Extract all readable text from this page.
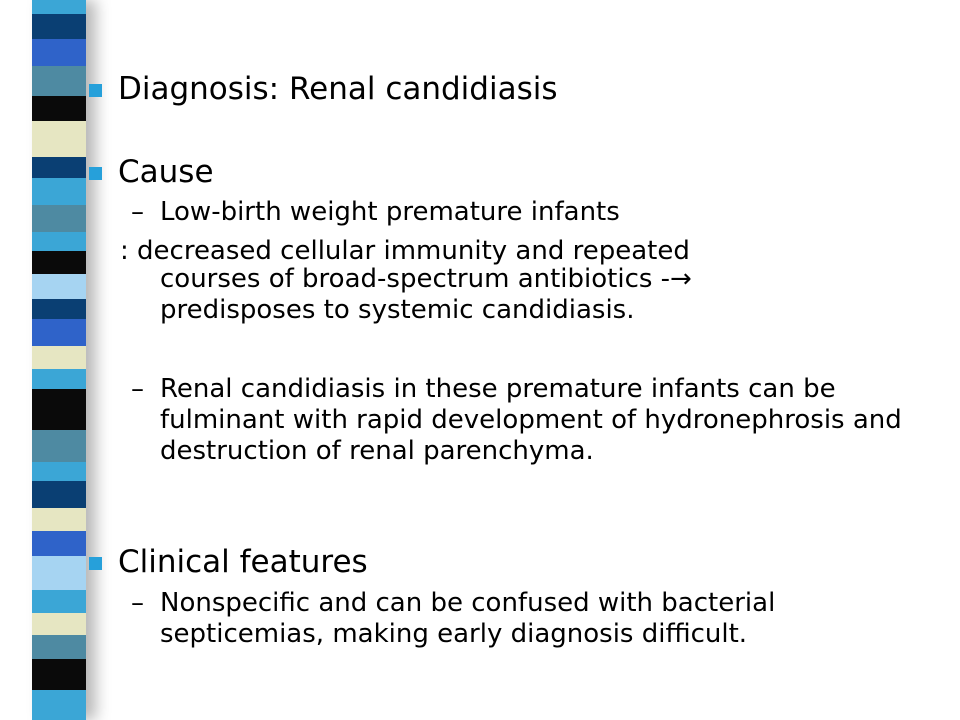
Diagnosis: Renal candidiasis
Cause
– Low-birth weight premature infants
: decreased cellular immunity and repeated
courses of broad-spectrum antibiotics -→
predisposes to systemic candidiasis.
– Renal candidiasis in these premature infants can be fulminant with rapid development of hydronephrosis and destruction of renal parenchyma.
Clinical features
– Nonspecific and can be confused with bacterial septicemias, making early diagnosis difficult.
